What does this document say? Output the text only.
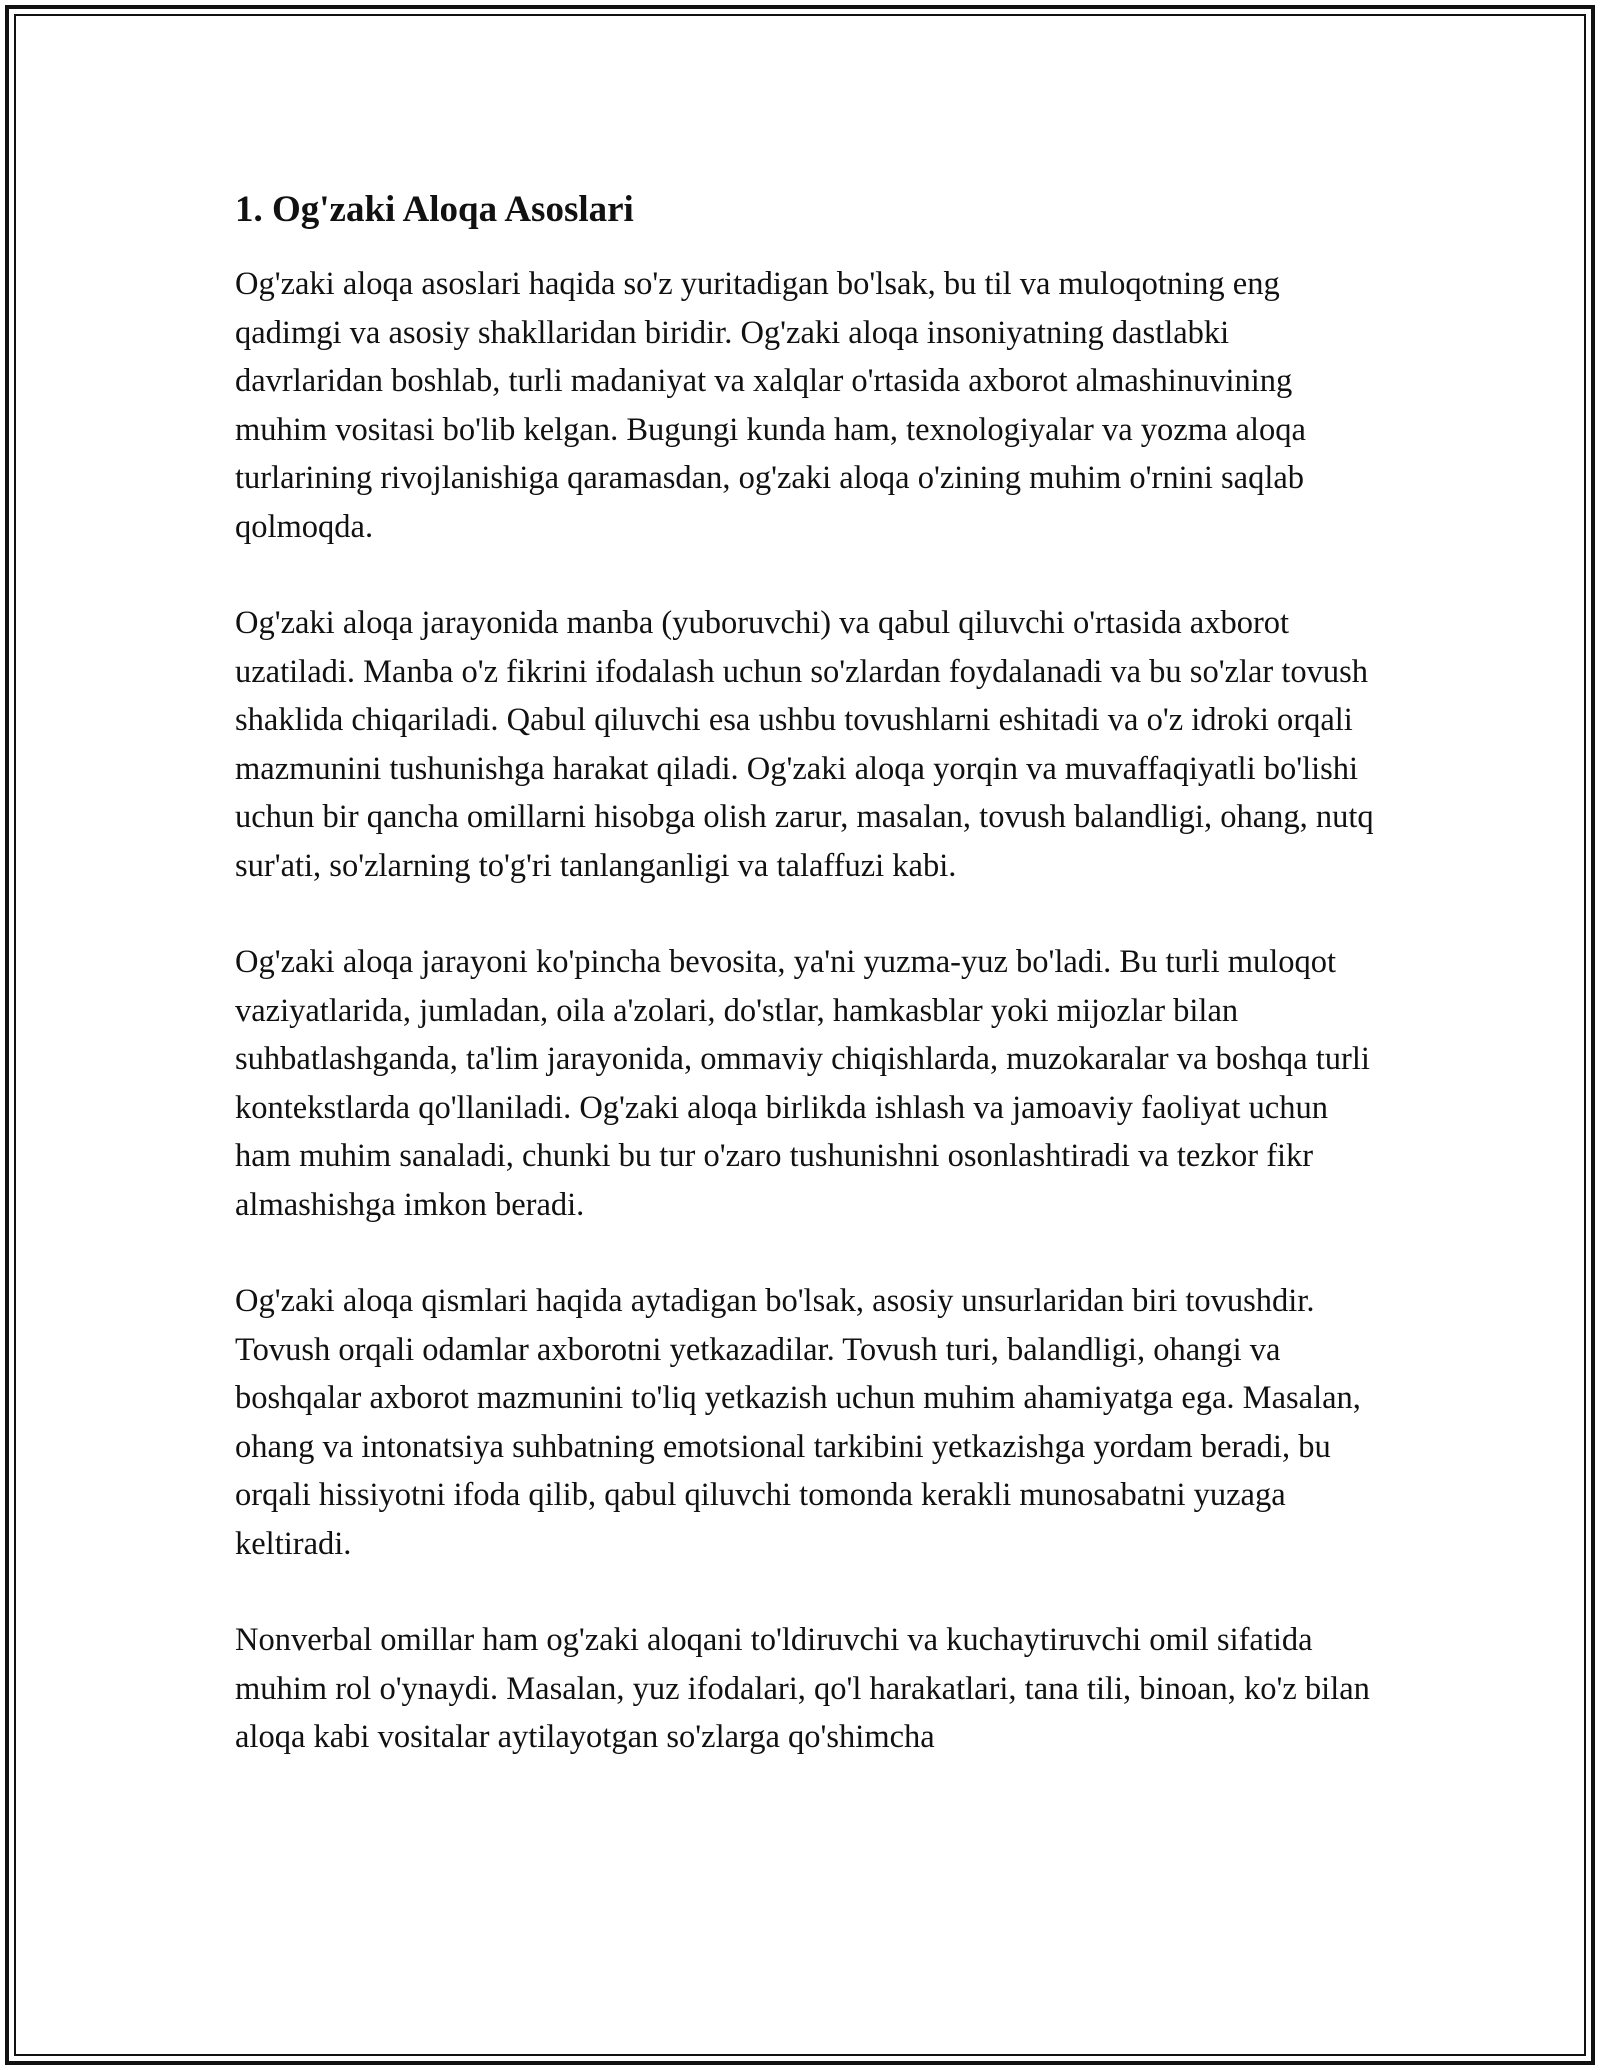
1. Og'zaki Aloqa Asoslari

Og'zaki aloqa asoslari haqida so'z yuritadigan bo'lsak, bu til va muloqotning eng qadimgi va asosiy shakllaridan biridir. Og'zaki aloqa insoniyatning dastlabki davrlaridan boshlab, turli madaniyat va xalqlar o'rtasida axborot almashinuvining muhim vositasi bo'lib kelgan. Bugungi kunda ham, texnologiyalar va yozma aloqa turlarining rivojlanishiga qaramasdan, og'zaki aloqa o'zining muhim o'rnini saqlab qolmoqda.

Og'zaki aloqa jarayonida manba (yuboruvchi) va qabul qiluvchi o'rtasida axborot uzatiladi. Manba o'z fikrini ifodalash uchun so'zlardan foydalanadi va bu so'zlar tovush shaklida chiqariladi. Qabul qiluvchi esa ushbu tovushlarni eshitadi va o'z idroki orqali mazmunini tushunishga harakat qiladi. Og'zaki aloqa yorqin va muvaffaqiyatli bo'lishi uchun bir qancha omillarni hisobga olish zarur, masalan, tovush balandligi, ohang, nutq sur'ati, so'zlarning to'g'ri tanlanganligi va talaffuzi kabi.

Og'zaki aloqa jarayoni ko'pincha bevosita, ya'ni yuzma-yuz bo'ladi. Bu turli muloqot vaziyatlarida, jumladan, oila a'zolari, do'stlar, hamkasblar yoki mijozlar bilan suhbatlashganda, ta'lim jarayonida, ommaviy chiqishlarda, muzokaralar va boshqa turli kontekstlarda qo'llaniladi. Og'zaki aloqa birlikda ishlash va jamoaviy faoliyat uchun ham muhim sanaladi, chunki bu tur o'zaro tushunishni osonlashtiradi va tezkor fikr almashishga imkon beradi.

Og'zaki aloqa qismlari haqida aytadigan bo'lsak, asosiy unsurlaridan biri tovushdir. Tovush orqali odamlar axborotni yetkazadilar. Tovush turi, balandligi, ohangi va boshqalar axborot mazmunini to'liq yetkazish uchun muhim ahamiyatga ega. Masalan, ohang va intonatsiya suhbatning emotsional tarkibini yetkazishga yordam beradi, bu orqali hissiyotni ifoda qilib, qabul qiluvchi tomonda kerakli munosabatni yuzaga keltiradi.

Nonverbal omillar ham og'zaki aloqani to'ldiruvchi va kuchaytiruvchi omil sifatida muhim rol o'ynaydi. Masalan, yuz ifodalari, qo'l harakatlari, tana tili, binoan, ko'z bilan aloqa kabi vositalar aytilayotgan so'zlarga qo'shimcha
